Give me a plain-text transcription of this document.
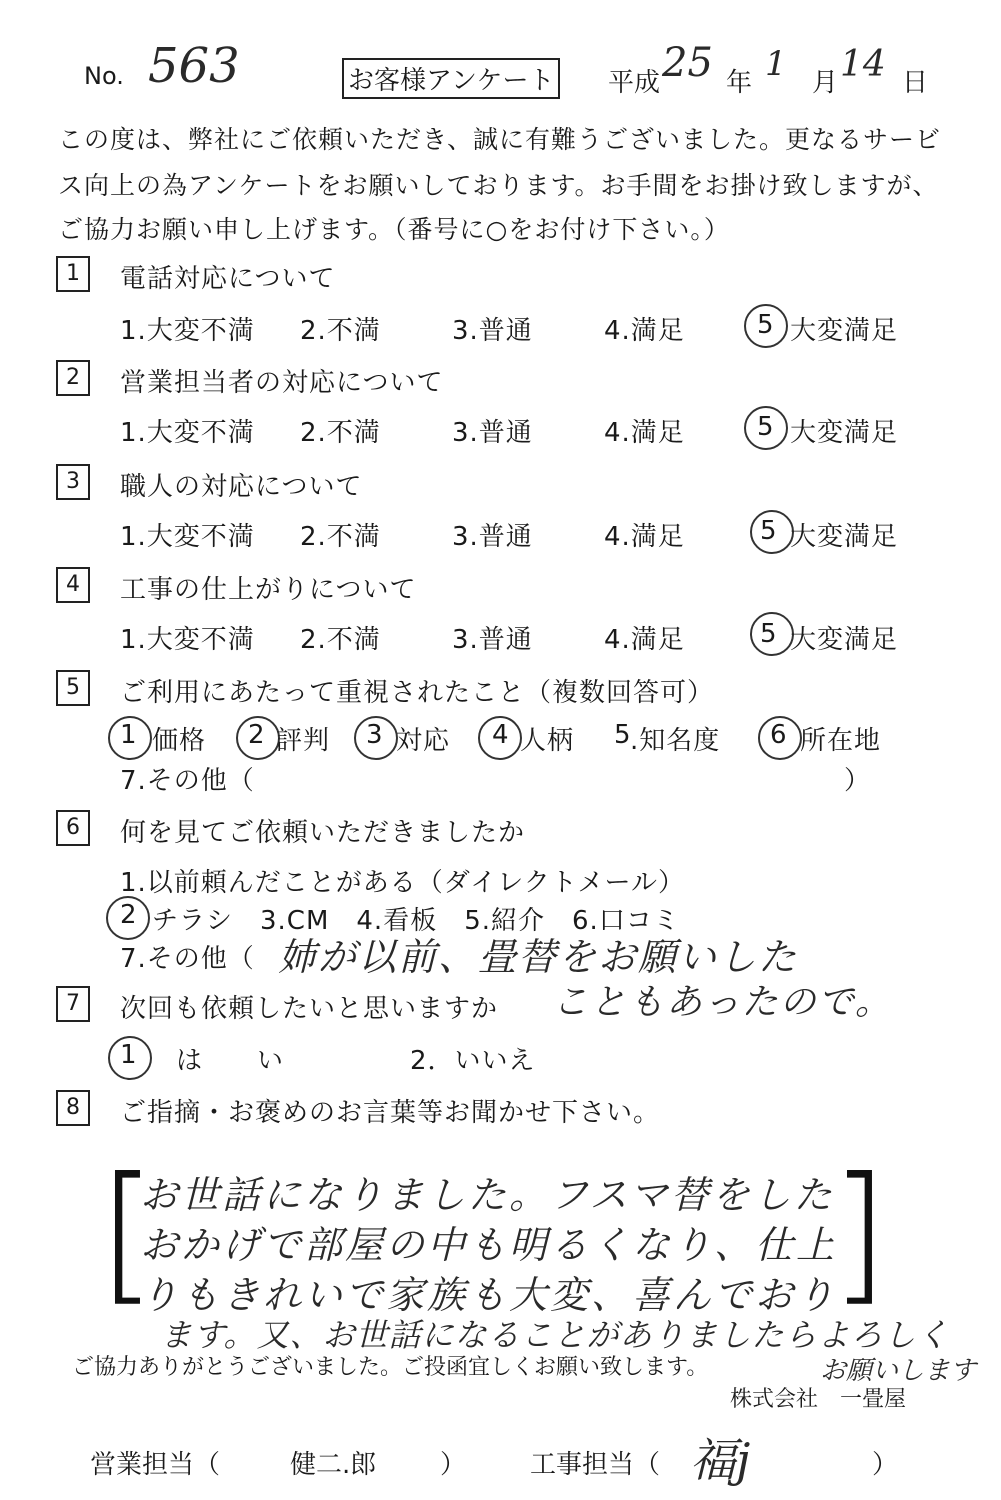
No. 563	お客様アンケート 平成 25 年 1 月 14 日
この度は、弊社にご依頼いただき、誠に有難うございました。更なるサービ
ス向上の為アンケートをお願いしております。お手間をお掛け致しますが、
ご協力お願い申し上げます。（番号に○をお付け下さい。）
1	電話対応について
1.大変不満 2.不満	3.普通	4.満足	5 大変満足
2	営業担当者の対応について
1.大変不満 2.不満	3.普通	4.満足	5 大変満足
3	職人の対応について
1.大変不満 2.不満	3.普通	4.満足	5 大変満足
4	工事の仕上がりについて
1.大変不満 2.不満	3.普通	4.満足	5 大変満足
5	ご利用にあたって重視されたこと（複数回答可）
1 価格 2 評判 3 対応 4 人柄 5
.知名度 6 所在地
7.その他（	）
6	何を見てご依頼いただきましたか
1.以前頼んだことがある（ダイレクトメール）
2 チラシ　3.CM　4.看板　5.紹介　6.口コミ
7.その他（ 姉が以前、畳替をお願いした
こともあったので。
7	次回も依頼したいと思いますか
1 は　　い	2．いいえ
8	ご指摘・お褒めのお言葉等お聞かせ下さい。
[	]
お世話になりました。フスマ替をした
おかげで部屋の中も明るくなり、仕上
りもきれいで家族も大変、喜んでおり
ます。又、お世話になることがありましたらよろしく
お願いします
ご協力ありがとうございました。ご投函宜しくお願い致します。
株式会社　一畳屋
営業担当（	健二.郎 ） 工事担当（ 福j	）
